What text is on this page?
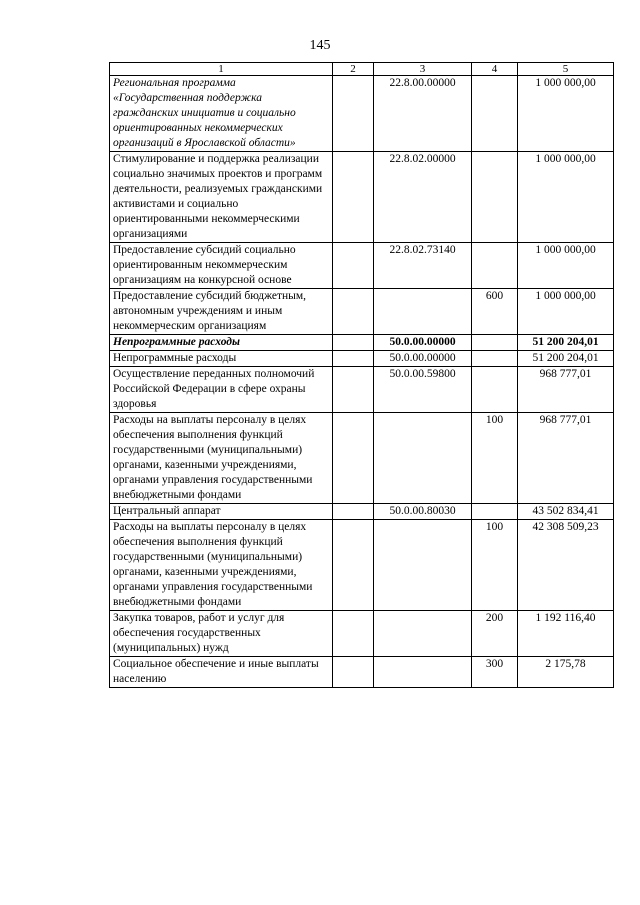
145
1	2	3	4	5
Региональная программа «Государственная поддержка гражданских инициатив и социально ориентированных некоммерческих организаций в Ярославской области»		22.8.00.00000		1 000 000,00
Стимулирование и поддержка реализации социально значимых проектов и программ деятельности, реализуемых гражданскими активистами и социально ориентированными некоммерческими организациями		22.8.02.00000		1 000 000,00
Предоставление субсидий социально ориентированным некоммерческим организациям на конкурсной основе		22.8.02.73140		1 000 000,00
Предоставление субсидий бюджетным, автономным учреждениям и иным некоммерческим организациям			600	1 000 000,00
Непрограммные расходы		50.0.00.00000		51 200 204,01
Непрограммные расходы		50.0.00.00000		51 200 204,01
Осуществление переданных полномочий Российской Федерации в сфере охраны здоровья		50.0.00.59800		968 777,01
Расходы на выплаты персоналу в целях обеспечения выполнения функций государственными (муниципальными) органами, казенными учреждениями, органами управления государственными внебюджетными фондами			100	968 777,01
Центральный аппарат		50.0.00.80030		43 502 834,41
Расходы на выплаты персоналу в целях обеспечения выполнения функций государственными (муниципальными) органами, казенными учреждениями, органами управления государственными внебюджетными фондами			100	42 308 509,23
Закупка товаров, работ и услуг для обеспечения государственных (муниципальных) нужд			200	1 192 116,40
Социальное обеспечение и иные выплаты населению			300	2 175,78
